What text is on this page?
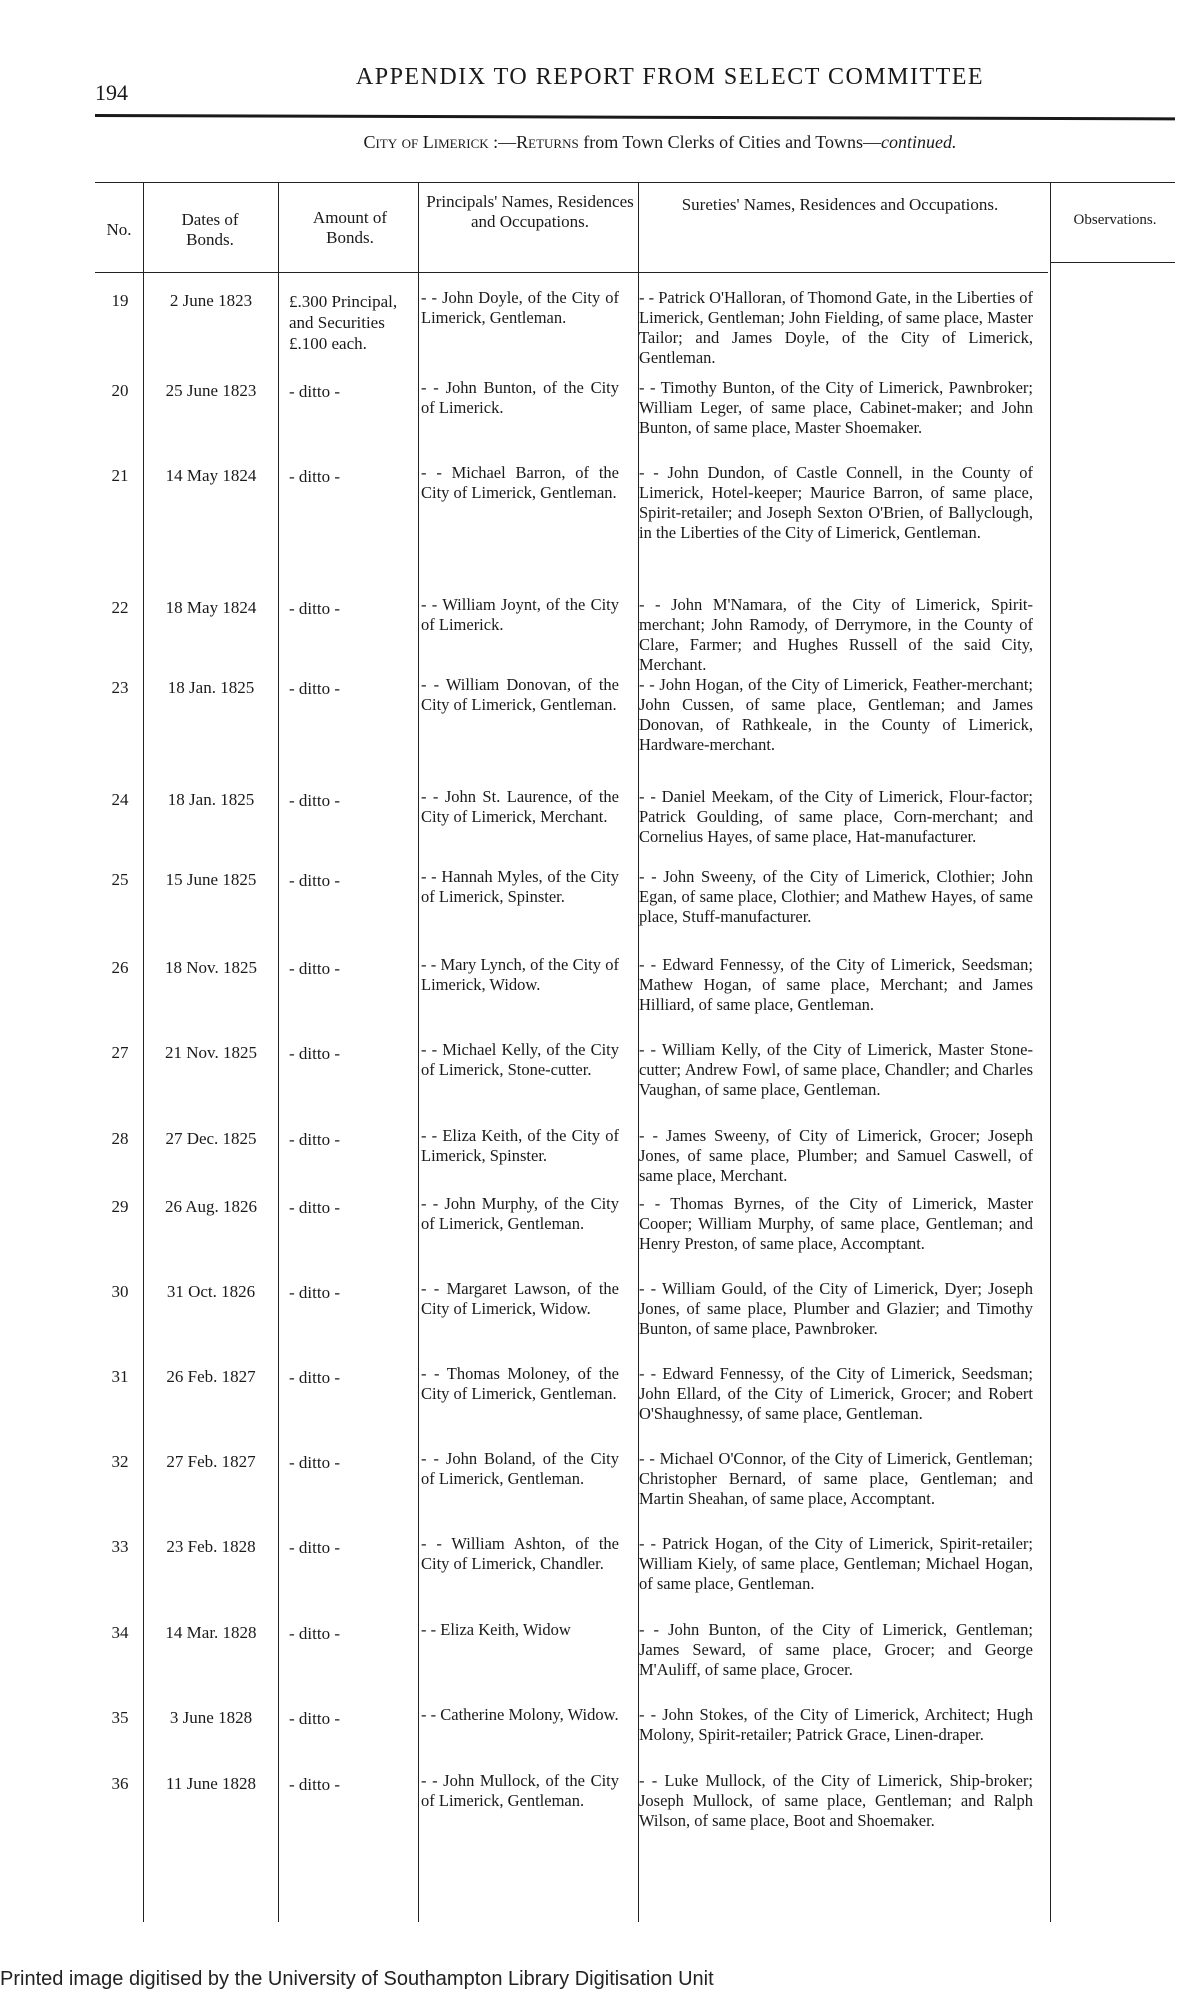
194
APPENDIX TO REPORT FROM SELECT COMMITTEE
City of Limerick :—Returns from Town Clerks of Cities and Towns—continued.
No.
Dates of Bonds.
Amount of Bonds.
Principals' Names, Residences and Occupations.
Sureties' Names, Residences and Occupations.
Observations.
19	2 June 1823	£.300 Principal, and Securities £.100 each.
- - John Doyle, of the City of Limerick, Gentleman.
- - Patrick O'Halloran, of Thomond Gate, in the Liberties of Limerick, Gentleman; John Fielding, of same place, Master Tailor; and James Doyle, of the City of Limerick, Gentleman.
20	25 June 1823	- ditto -	- - John Bunton, of the City of Limerick.
- - Timothy Bunton, of the City of Limerick, Pawnbroker; William Leger, of same place, Cabinet-maker; and John Bunton, of same place, Master Shoemaker.
21	14 May 1824	- ditto -	- - Michael Barron, of the City of Limerick, Gentleman.
- - John Dundon, of Castle Connell, in the County of Limerick, Hotel-keeper; Maurice Barron, of same place, Spirit-retailer; and Joseph Sexton O'Brien, of Ballyclough, in the Liberties of the City of Limerick, Gentleman.
22	18 May 1824	- ditto -	- - William Joynt, of the City of Limerick.
- - John M'Namara, of the City of Limerick, Spirit-merchant; John Ramody, of Derrymore, in the County of Clare, Farmer; and Hughes Russell of the said City, Merchant.
23	18 Jan. 1825	- ditto -	- - William Donovan, of the City of Limerick, Gentleman.
- - John Hogan, of the City of Limerick, Feather-merchant; John Cussen, of same place, Gentleman; and James Donovan, of Rathkeale, in the County of Limerick, Hardware-merchant.
24	18 Jan. 1825	- ditto -	- - John St. Laurence, of the City of Limerick, Merchant.
- - Daniel Meekam, of the City of Limerick, Flour-factor; Patrick Goulding, of same place, Corn-merchant; and Cornelius Hayes, of same place, Hat-manufacturer.
25	15 June 1825	- ditto -	- - Hannah Myles, of the City of Limerick, Spinster.
- - John Sweeny, of the City of Limerick, Clothier; John Egan, of same place, Clothier; and Mathew Hayes, of same place, Stuff-manufacturer.
26	18 Nov. 1825	- ditto -	- - Mary Lynch, of the City of Limerick, Widow.
- - Edward Fennessy, of the City of Limerick, Seedsman; Mathew Hogan, of same place, Merchant; and James Hilliard, of same place, Gentleman.
27	21 Nov. 1825	- ditto -	- - Michael Kelly, of the City of Limerick, Stone-cutter.
- - William Kelly, of the City of Limerick, Master Stone-cutter; Andrew Fowl, of same place, Chandler; and Charles Vaughan, of same place, Gentleman.
28	27 Dec. 1825	- ditto -	- - Eliza Keith, of the City of Limerick, Spinster.
- - James Sweeny, of City of Limerick, Grocer; Joseph Jones, of same place, Plumber; and Samuel Caswell, of same place, Merchant.
29	26 Aug. 1826	- ditto -	- - John Murphy, of the City of Limerick, Gentleman.
- - Thomas Byrnes, of the City of Limerick, Master Cooper; William Murphy, of same place, Gentleman; and Henry Preston, of same place, Accomptant.
30	31 Oct. 1826	- ditto -	- - Margaret Lawson, of the City of Limerick, Widow.
- - William Gould, of the City of Limerick, Dyer; Joseph Jones, of same place, Plumber and Glazier; and Timothy Bunton, of same place, Pawnbroker.
31	26 Feb. 1827	- ditto -	- - Thomas Moloney, of the City of Limerick, Gentleman.
- - Edward Fennessy, of the City of Limerick, Seedsman; John Ellard, of the City of Limerick, Grocer; and Robert O'Shaughnessy, of same place, Gentleman.
32	27 Feb. 1827	- ditto -	- - John Boland, of the City of Limerick, Gentleman.
- - Michael O'Connor, of the City of Limerick, Gentleman; Christopher Bernard, of same place, Gentleman; and Martin Sheahan, of same place, Accomptant.
33	23 Feb. 1828	- ditto -	- - William Ashton, of the City of Limerick, Chandler.
- - Patrick Hogan, of the City of Limerick, Spirit-retailer; William Kiely, of same place, Gentleman; Michael Hogan, of same place, Gentleman.
34	14 Mar. 1828	- ditto -	- - Eliza Keith, Widow	- - John Bunton, of the City of Limerick, Gentleman; James Seward, of same place, Grocer; and George M'Auliff, of same place, Grocer.
35	3 June 1828	- ditto -	- - Catherine Molony, Widow.	- - John Stokes, of the City of Limerick, Architect; Hugh Molony, Spirit-retailer; Patrick Grace, Linen-draper.
36	11 June 1828	- ditto -	- - John Mullock, of the City of Limerick, Gentleman.
- - Luke Mullock, of the City of Limerick, Ship-broker; Joseph Mullock, of same place, Gentleman; and Ralph Wilson, of same place, Boot and Shoemaker.
Printed image digitised by the University of Southampton Library Digitisation Unit
